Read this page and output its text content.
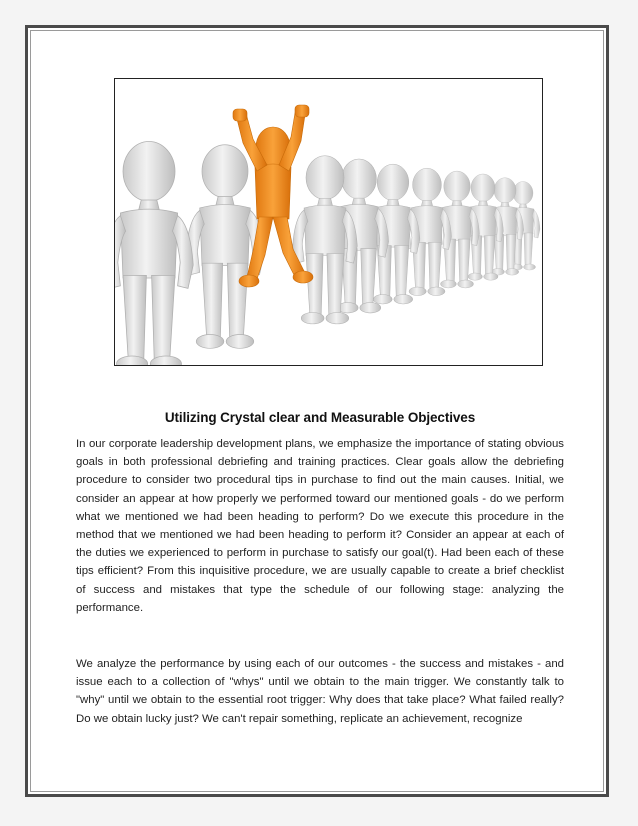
Utilizing Crystal clear and Measurable Objectives

In our corporate leadership development plans, we emphasize the importance of stating obvious goals in both professional debriefing and training practices. Clear goals allow the debriefing procedure to consider two procedural tips in purchase to find out the main causes. Initial, we consider an appear at how properly we performed toward our mentioned goals - do we perform what we mentioned we had been heading to perform? Do we execute this procedure in the method that we mentioned we had been heading to perform it? Consider an appear at each of the duties we experienced to perform in purchase to satisfy our goal(t). Had been each of these tips efficient? From this inquisitive procedure, we are usually capable to create a brief checklist of success and mistakes that type the schedule of our following stage: analyzing the performance.

We analyze the performance by using each of our outcomes - the success and mistakes - and issue each to a collection of "whys" until we obtain to the main trigger. We constantly talk to "why" until we obtain to the essential root trigger: Why does that take place? What failed really? Do we obtain lucky just? We can't repair something, replicate an achievement, recognize
